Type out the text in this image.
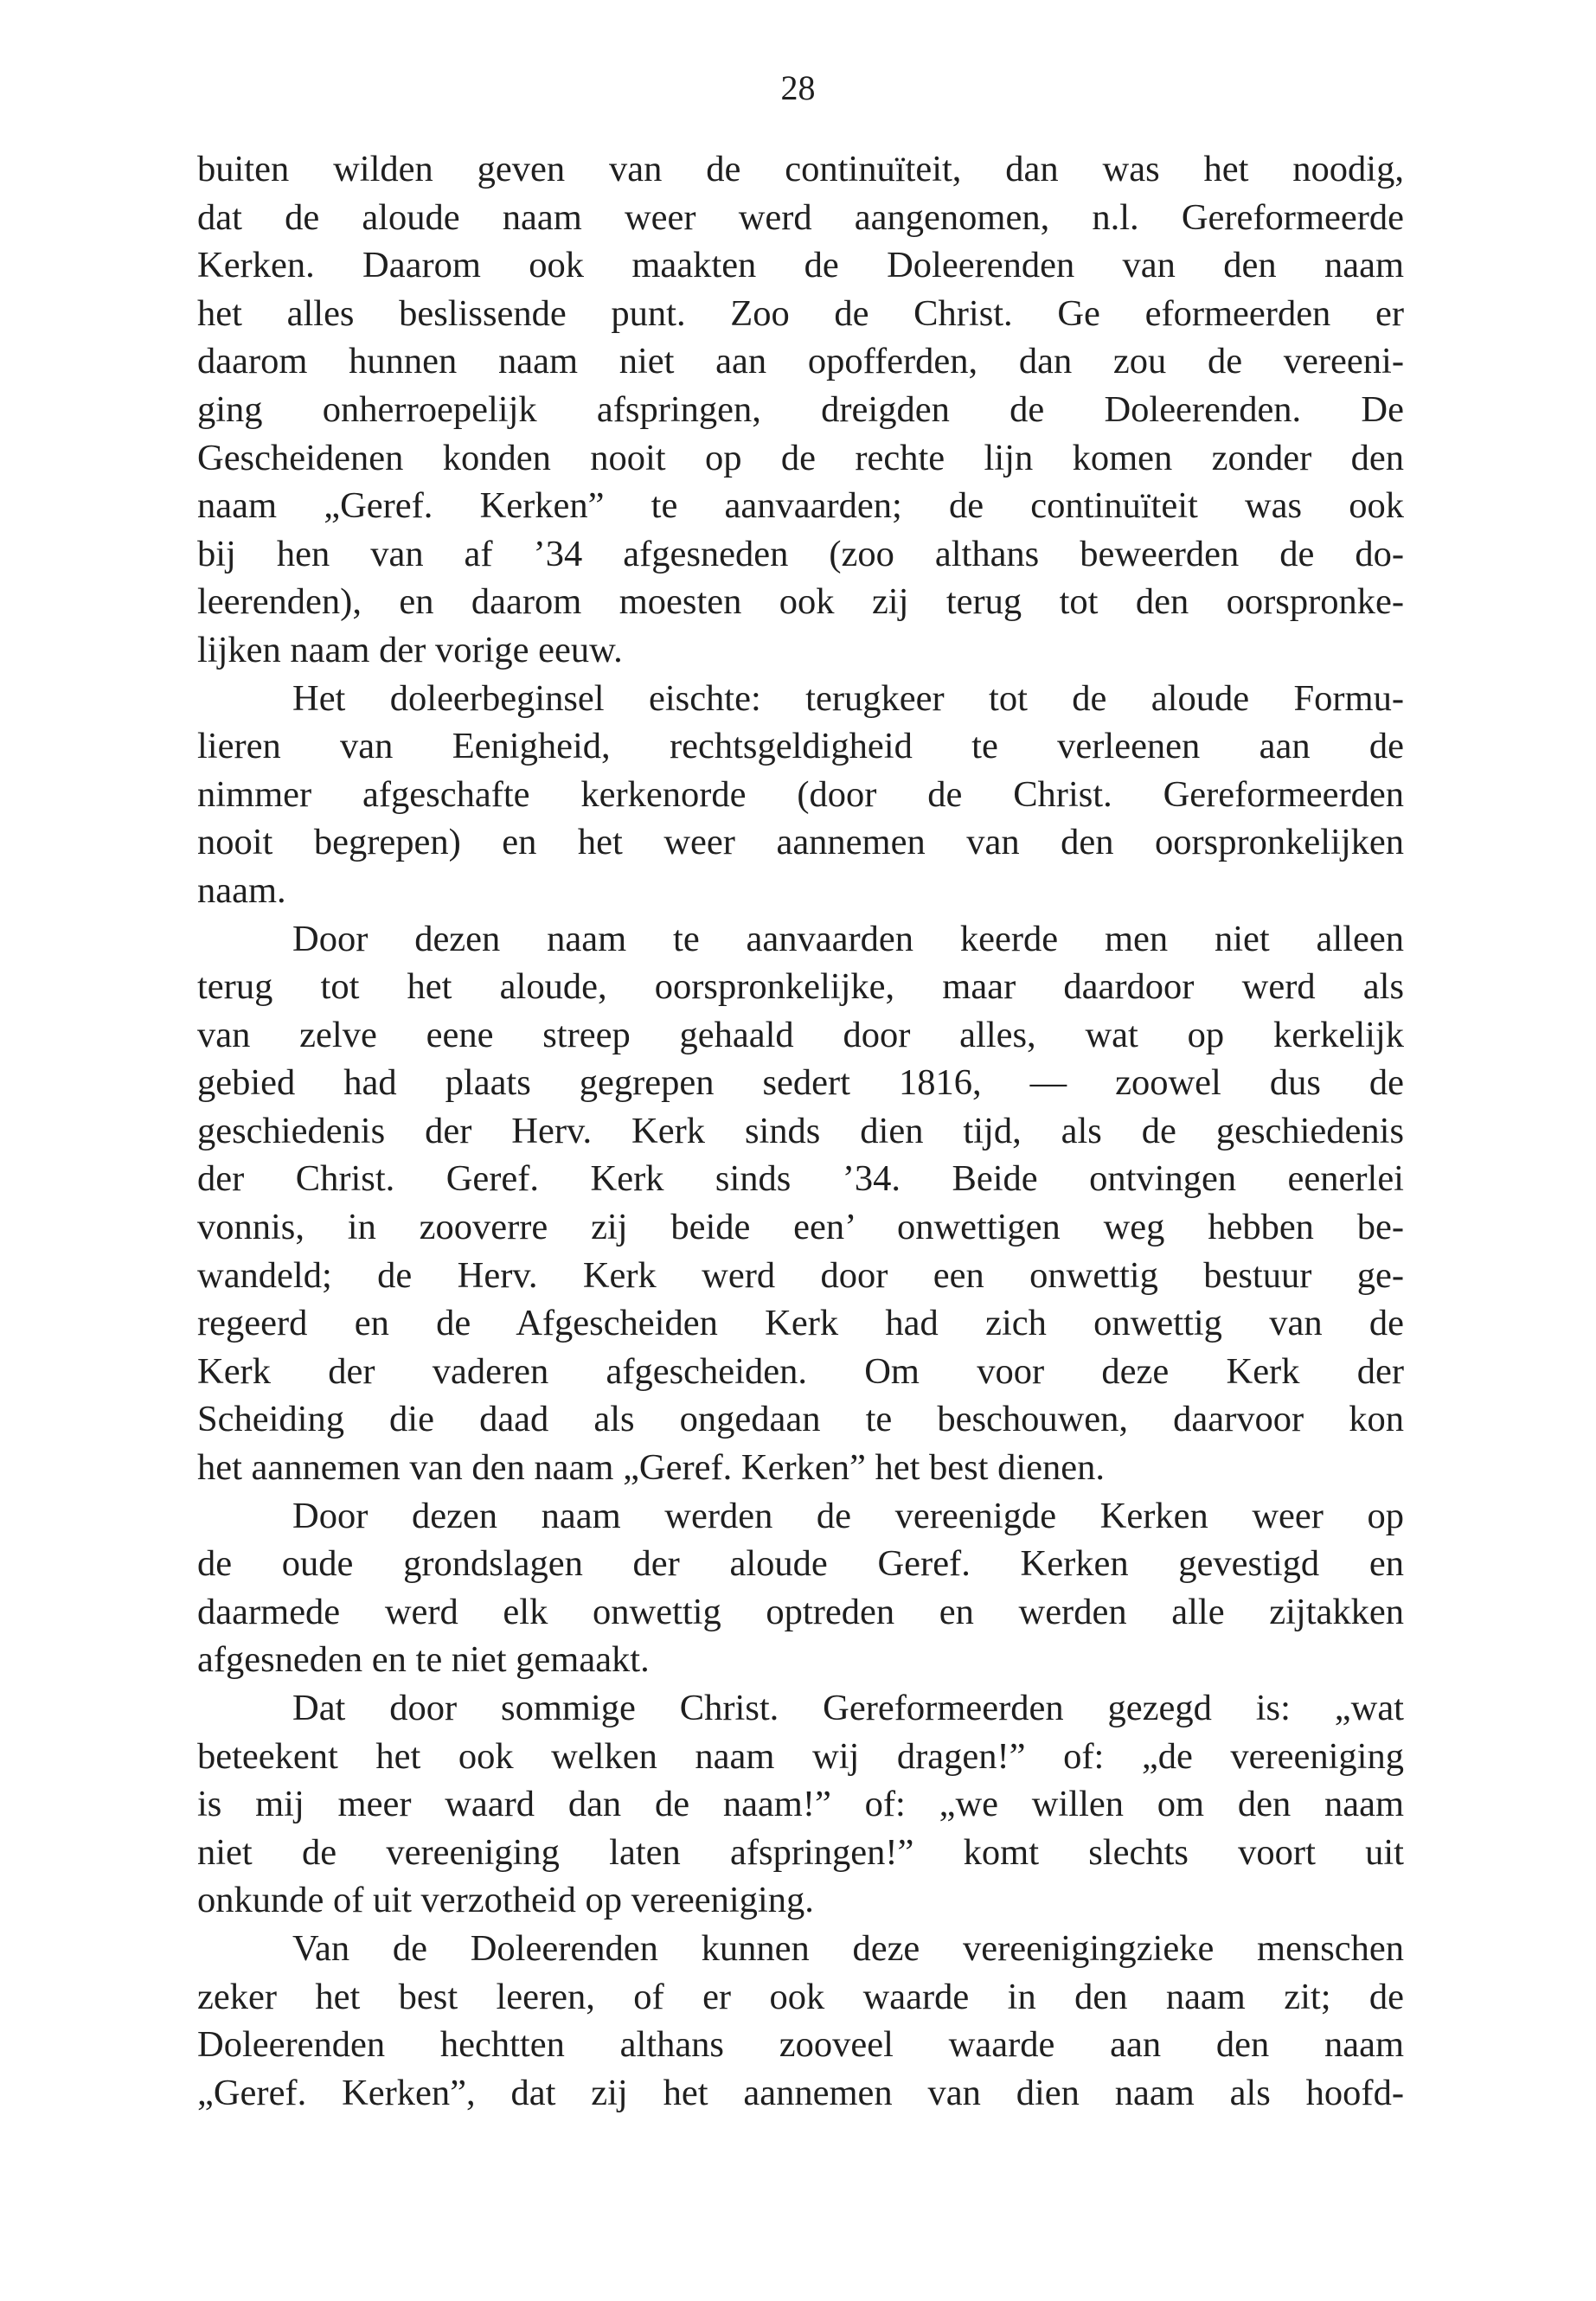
28
buiten wilden geven van de continuïteit, dan was het noodig,
dat de aloude naam weer werd aangenomen, n.l. Gereformeerde
Kerken. Daarom ook maakten de Doleerenden van den naam
het alles beslissende punt. Zoo de Christ. Ge eformeerden er
daarom hunnen naam niet aan opofferden, dan zou de vereeni-
ging onherroepelijk afspringen, dreigden de Doleerenden. De
Gescheidenen konden nooit op de rechte lijn komen zonder den
naam „Geref. Kerken” te aanvaarden; de continuïteit was ook
bij hen van af ’34 afgesneden (zoo althans beweerden de do-
leerenden), en daarom moesten ook zij terug tot den oorspronke-
lijken naam der vorige eeuw.
Het doleerbeginsel eischte: terugkeer tot de aloude Formu-
lieren van Eenigheid, rechtsgeldigheid te verleenen aan de
nimmer afgeschafte kerkenorde (door de Christ. Gereformeerden
nooit begrepen) en het weer aannemen van den oorspronkelijken
naam.
Door dezen naam te aanvaarden keerde men niet alleen
terug tot het aloude, oorspronkelijke, maar daardoor werd als
van zelve eene streep gehaald door alles, wat op kerkelijk
gebied had plaats gegrepen sedert 1816, — zoowel dus de
geschiedenis der Herv. Kerk sinds dien tijd, als de geschiedenis
der Christ. Geref. Kerk sinds ’34. Beide ontvingen eenerlei
vonnis, in zooverre zij beide een’ onwettigen weg hebben be-
wandeld; de Herv. Kerk werd door een onwettig bestuur ge-
regeerd en de Afgescheiden Kerk had zich onwettig van de
Kerk der vaderen afgescheiden. Om voor deze Kerk der
Scheiding die daad als ongedaan te beschouwen, daarvoor kon
het aannemen van den naam „Geref. Kerken” het best dienen.
Door dezen naam werden de vereenigde Kerken weer op
de oude grondslagen der aloude Geref. Kerken gevestigd en
daarmede werd elk onwettig optreden en werden alle zijtakken
afgesneden en te niet gemaakt.
Dat door sommige Christ. Gereformeerden gezegd is: „wat
beteekent het ook welken naam wij dragen!” of: „de vereeniging
is mij meer waard dan de naam!” of: „we willen om den naam
niet de vereeniging laten afspringen!” komt slechts voort uit
onkunde of uit verzotheid op vereeniging.
Van de Doleerenden kunnen deze vereenigingzieke menschen
zeker het best leeren, of er ook waarde in den naam zit; de
Doleerenden hechtten althans zooveel waarde aan den naam
„Geref. Kerken”, dat zij het aannemen van dien naam als hoofd-
